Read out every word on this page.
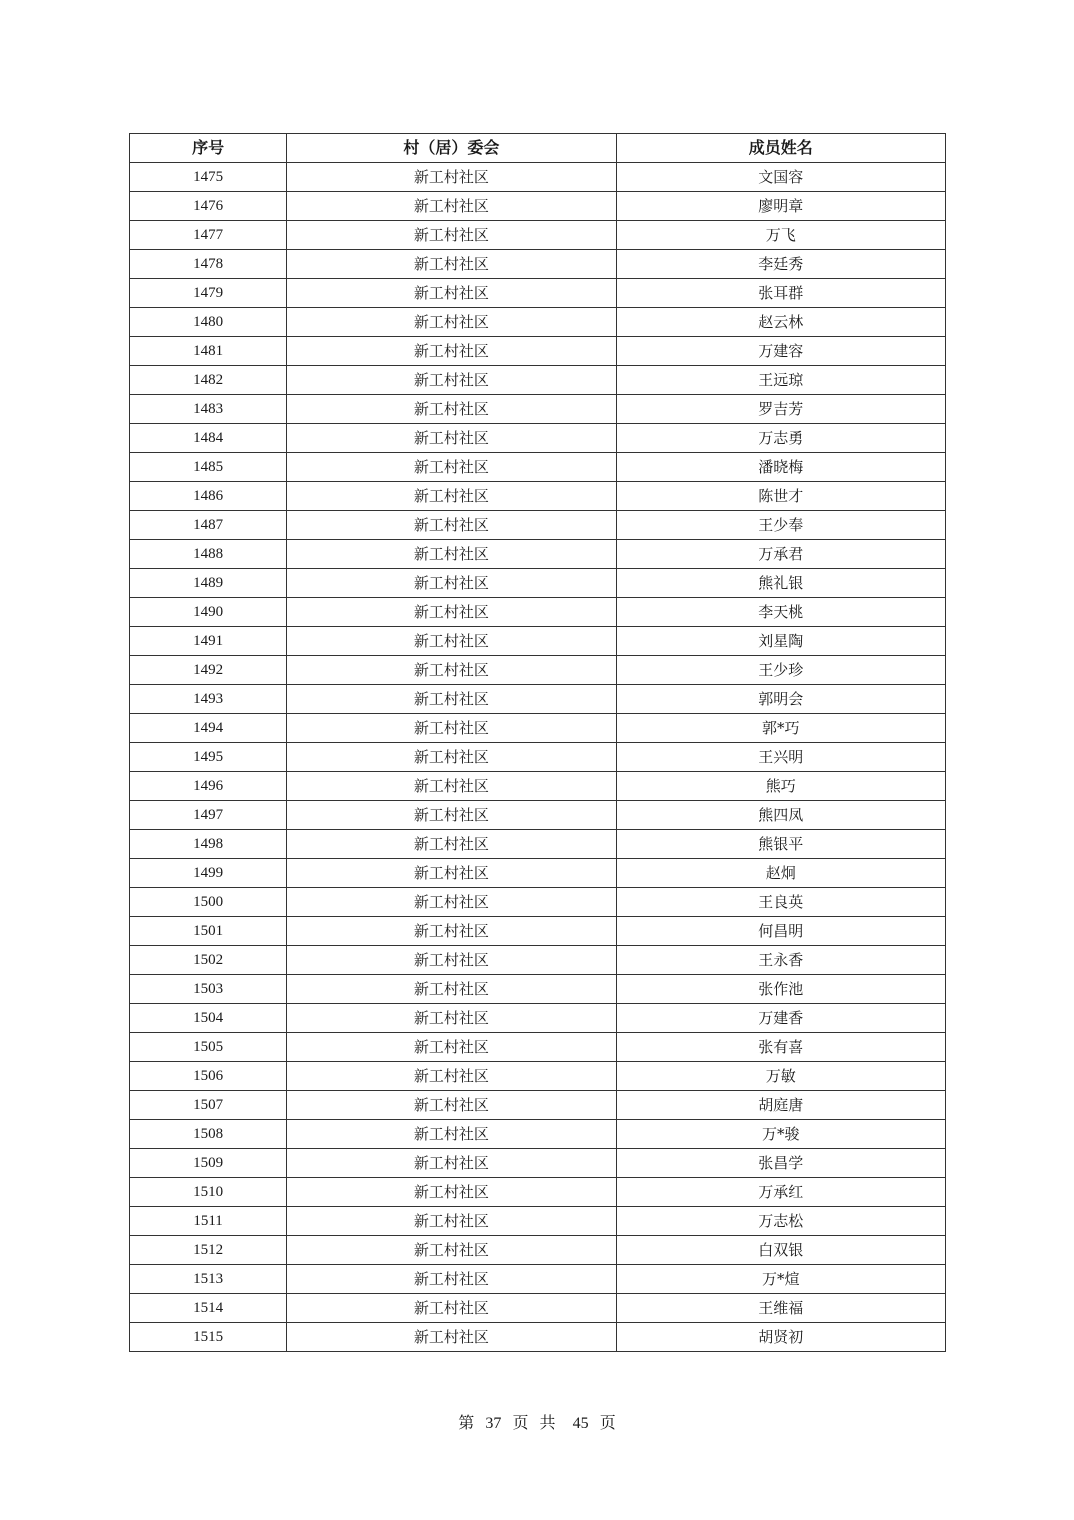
序号	村（居）委会	成员姓名
1475	新工村社区	文国容
1476	新工村社区	廖明章
1477	新工村社区	万飞
1478	新工村社区	李廷秀
1479	新工村社区	张耳群
1480	新工村社区	赵云林
1481	新工村社区	万建容
1482	新工村社区	王远琼
1483	新工村社区	罗吉芳
1484	新工村社区	万志勇
1485	新工村社区	潘晓梅
1486	新工村社区	陈世才
1487	新工村社区	王少奉
1488	新工村社区	万承君
1489	新工村社区	熊礼银
1490	新工村社区	李天桃
1491	新工村社区	刘星陶
1492	新工村社区	王少珍
1493	新工村社区	郭明会
1494	新工村社区	郭*巧
1495	新工村社区	王兴明
1496	新工村社区	熊巧
1497	新工村社区	熊四凤
1498	新工村社区	熊银平
1499	新工村社区	赵炯
1500	新工村社区	王良英
1501	新工村社区	何昌明
1502	新工村社区	王永香
1503	新工村社区	张作池
1504	新工村社区	万建香
1505	新工村社区	张有喜
1506	新工村社区	万敏
1507	新工村社区	胡庭唐
1508	新工村社区	万*骏
1509	新工村社区	张昌学
1510	新工村社区	万承红
1511	新工村社区	万志松
1512	新工村社区	白双银
1513	新工村社区	万*煊
1514	新工村社区	王维福
1515	新工村社区	胡贤初
第 37 页 共 45 页
